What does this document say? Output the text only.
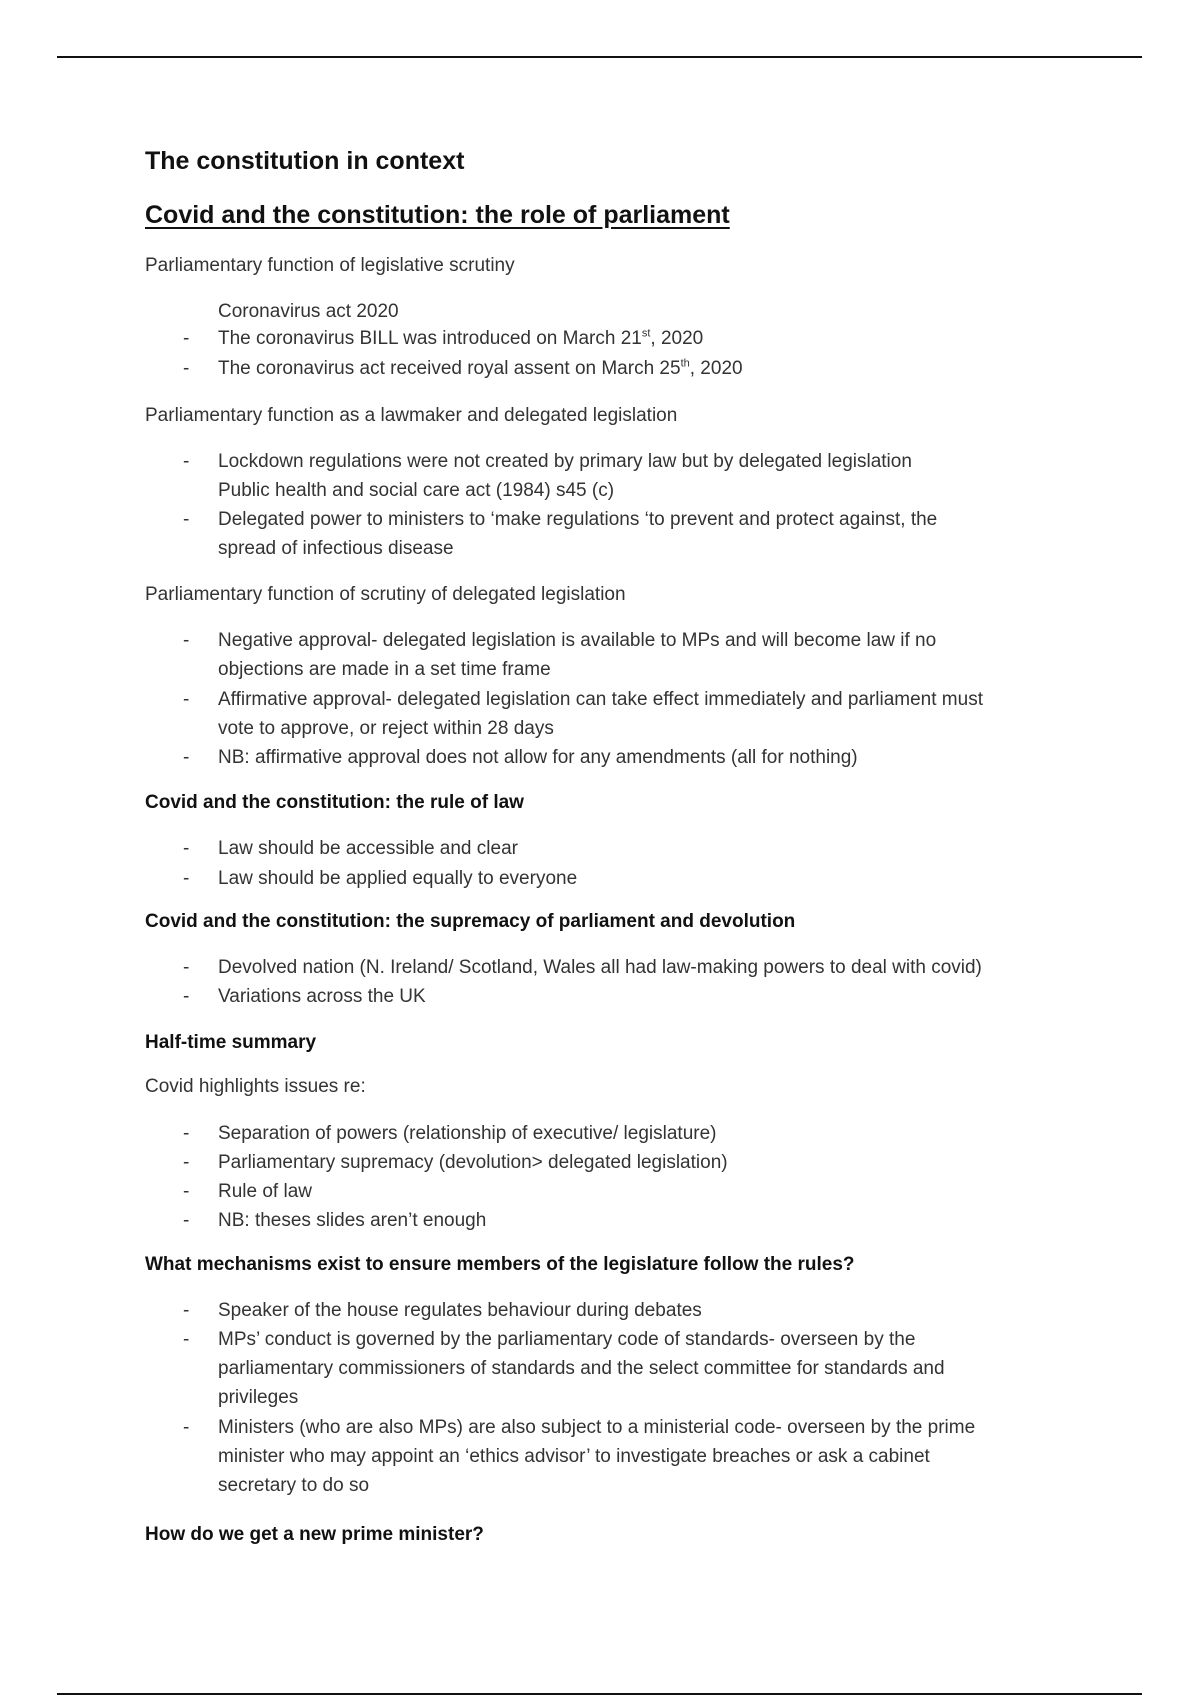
The constitution in context
Covid and the constitution: the role of parliament

Parliamentary function of legislative scrutiny

Coronavirus act 2020

- The coronavirus BILL was introduced on March 21st, 2020

- The coronavirus act received royal assent on March 25th, 2020

Parliamentary function as a lawmaker and delegated legislation

- Lockdown regulations were not created by primary law but by delegated legislation
Public health and social care act (1984) s45 (c)

- Delegated power to ministers to ‘make regulations ‘to prevent and protect against, the
spread of infectious disease

Parliamentary function of scrutiny of delegated legislation

- Negative approval- delegated legislation is available to MPs and will become law if no
objections are made in a set time frame

- Affirmative approval- delegated legislation can take effect immediately and parliament must
vote to approve, or reject within 28 days

- NB: affirmative approval does not allow for any amendments (all for nothing)

Covid and the constitution: the rule of law
- Law should be accessible and clear

- Law should be applied equally to everyone

Covid and the constitution: the supremacy of parliament and devolution
- Devolved nation (N. Ireland/ Scotland, Wales all had law-making powers to deal with covid)

- Variations across the UK

Half-time summary

Covid highlights issues re:

- Separation of powers (relationship of executive/ legislature)

- Parliamentary supremacy (devolution> delegated legislation)

- Rule of law

- NB: theses slides aren’t enough

What mechanisms exist to ensure members of the legislature follow the rules?
- Speaker of the house regulates behaviour during debates

- MPs’ conduct is governed by the parliamentary code of standards- overseen by the
parliamentary commissioners of standards and the select committee for standards and
privileges

- Ministers (who are also MPs) are also subject to a ministerial code- overseen by the prime
minister who may appoint an ‘ethics advisor’ to investigate breaches or ask a cabinet
secretary to do so

How do we get a new prime minister?
